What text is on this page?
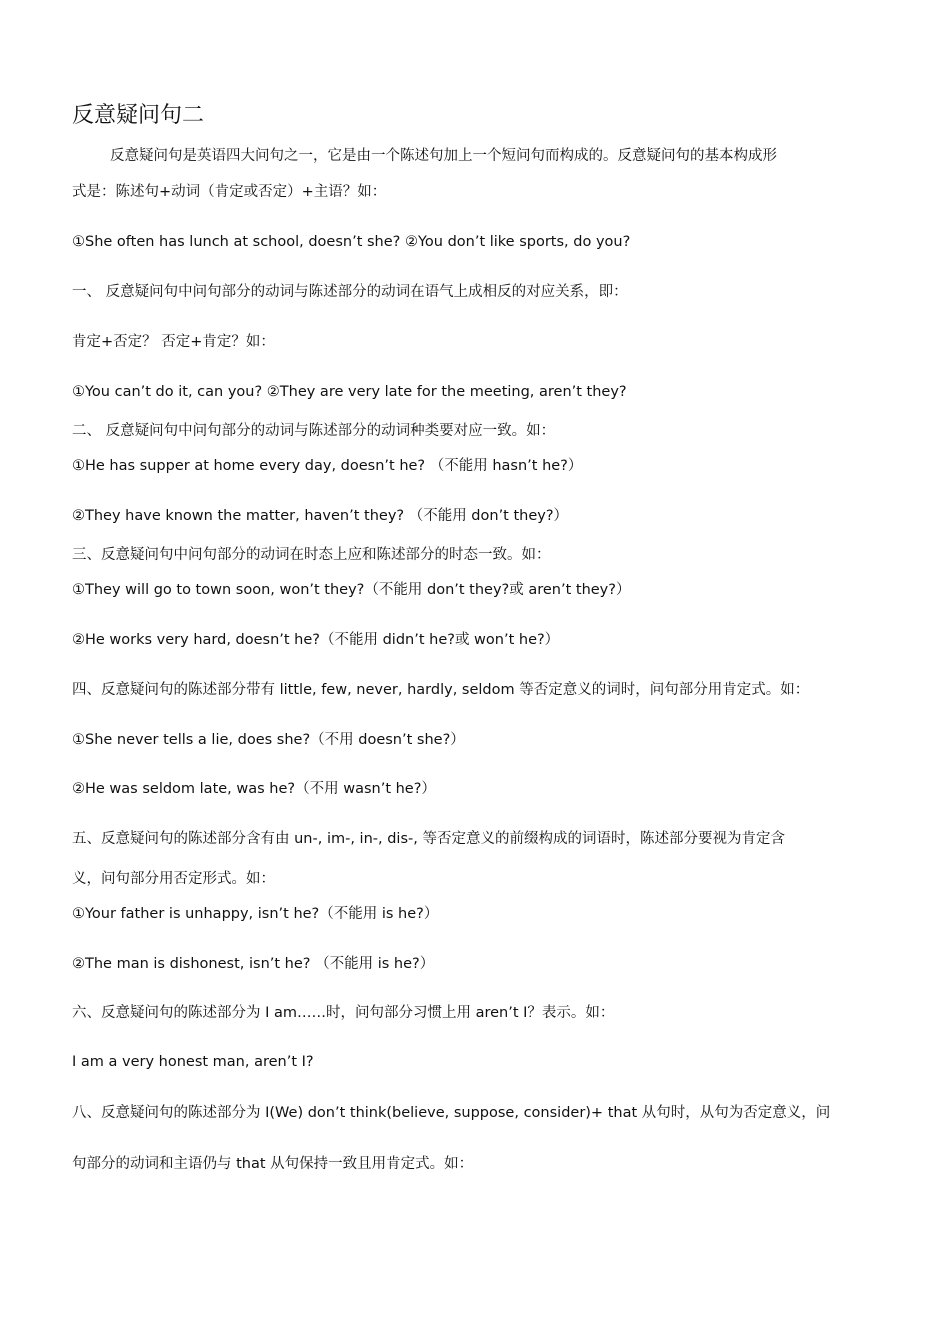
反意疑问句二
反意疑问句是英语四大问句之一，它是由一个陈述句加上一个短问句而构成的。反意疑问句的基本构成形
式是：陈述句+动词（肯定或否定）+主语？如：
①She often has lunch at school, doesn’t she? ②You don’t like sports, do you?
一、 反意疑问句中问句部分的动词与陈述部分的动词在语气上成相反的对应关系，即：
肯定+否定？ 否定+肯定？如：
①You can’t do it, can you? ②They are very late for the meeting, aren’t they?
二、 反意疑问句中问句部分的动词与陈述部分的动词种类要对应一致。如：
①He has supper at home every day, doesn’t he? （不能用 hasn’t he?）
②They have known the matter, haven’t they? （不能用 don’t they?）
三、反意疑问句中问句部分的动词在时态上应和陈述部分的时态一致。如：
①They will go to town soon, won’t they?（不能用 don’t they?或 aren’t they?）
②He works very hard, doesn’t he?（不能用 didn’t he?或 won’t he?）
四、反意疑问句的陈述部分带有 little, few, never, hardly, seldom 等否定意义的词时，问句部分用肯定式。如：
①She never tells a lie, does she?（不用 doesn’t she?）
②He was seldom late, was he?（不用 wasn’t he?）
五、反意疑问句的陈述部分含有由 un-, im-, in-, dis-, 等否定意义的前缀构成的词语时，陈述部分要视为肯定含
义，问句部分用否定形式。如：
①Your father is unhappy, isn’t he?（不能用 is he?）
②The man is dishonest, isn’t he? （不能用 is he?）
六、反意疑问句的陈述部分为 I am……时，问句部分习惯上用 aren’t I？表示。如：
I am a very honest man, aren’t I?
八、反意疑问句的陈述部分为 I(We) don’t think(believe, suppose, consider)+ that 从句时，从句为否定意义，问
句部分的动词和主语仍与 that 从句保持一致且用肯定式。如：
